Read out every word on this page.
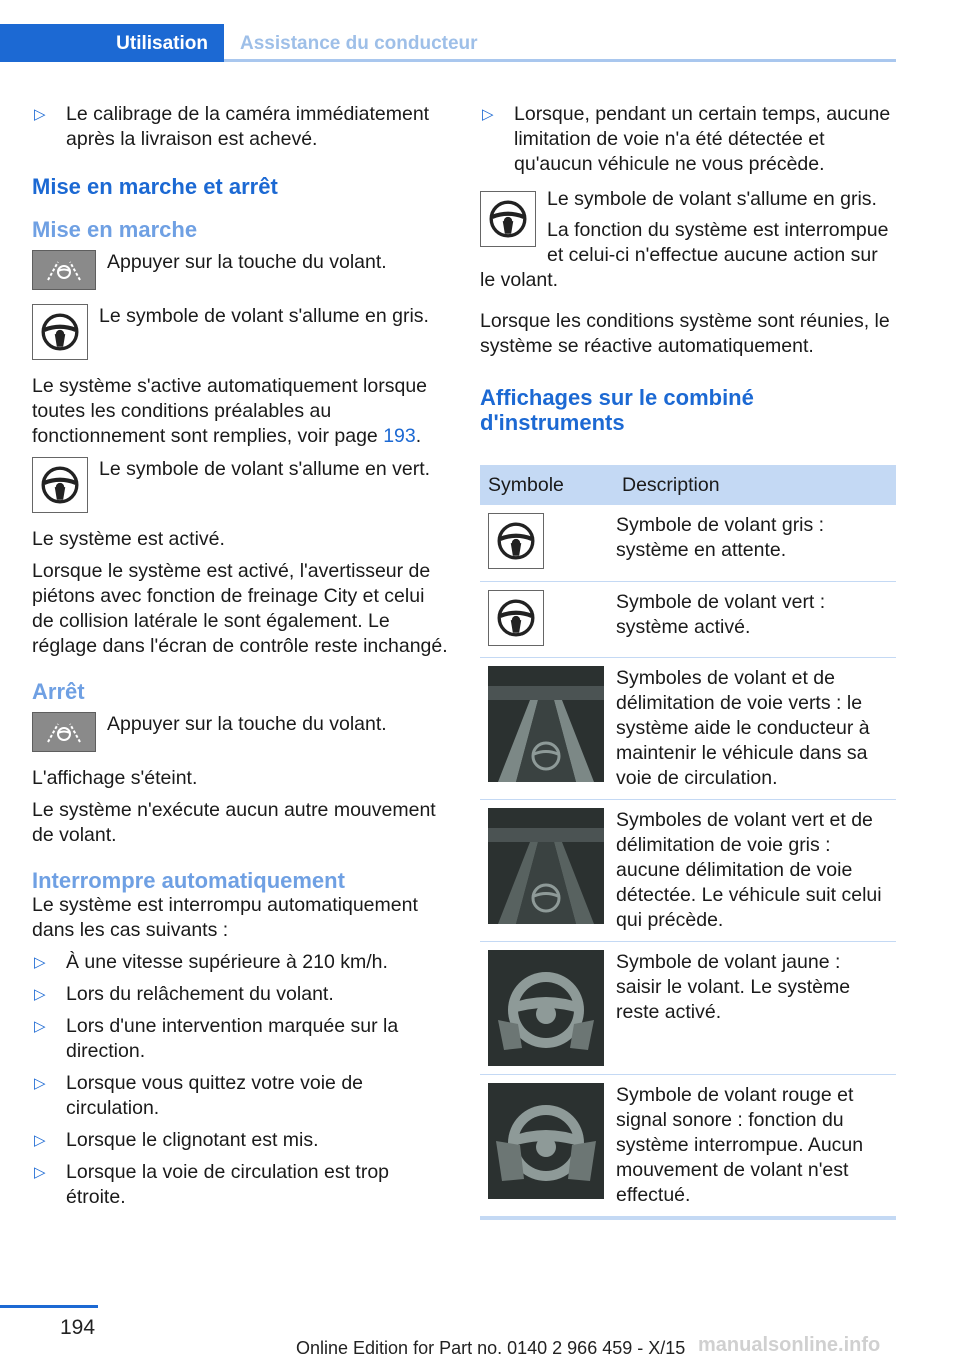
Utilisation	Assistance du conducteur
▷ Le calibrage de la caméra immédiatement après la livraison est achevé.
Mise en marche et arrêt
Mise en marche
Appuyer sur la touche du volant.
Le symbole de volant s'allume en gris.

Le système s'active automatiquement lorsque toutes les conditions préalables au fonctionnement sont remplies, voir page 193.

Le symbole de volant s'allume en vert.

Le système est activé.

Lorsque le système est activé, l'avertisseur de piétons avec fonction de freinage City et celui de collision latérale le sont également. Le réglage dans l'écran de contrôle reste inchangé.

Arrêt
Appuyer sur la touche du volant.

L'affichage s'éteint.

Le système n'exécute aucun autre mouvement de volant.

Interrompre automatiquement

Le système est interrompu automatiquement dans les cas suivants :

▷ À une vitesse supérieure à 210 km/h.
▷ Lors du relâchement du volant.
▷ Lors d'une intervention marquée sur la direction.
▷ Lorsque vous quittez votre voie de circulation.
▷ Lorsque le clignotant est mis.
▷ Lorsque la voie de circulation est trop étroite.
▷ Lorsque, pendant un certain temps, aucune limitation de voie n'a été détectée et qu'aucun véhicule ne vous précède.

Le symbole de volant s'allume en gris.

La fonction du système est interrompue et celui-ci n'effectue aucune action sur le volant.

Lorsque les conditions système sont réunies, le système se réactive automatiquement.

Affichages sur le combiné d'instruments
Symbole	Description

	Symbole de volant gris : système en attente.

	Symbole de volant vert : système activé.

	Symboles de volant et de délimitation de voie verts : le système aide le conducteur à maintenir le véhicule dans sa voie de circulation.

	Symboles de volant vert et de délimitation de voie gris : aucune délimitation de voie détectée. Le véhicule suit celui qui précède.

	Symbole de volant jaune : saisir le volant. Le système reste activé.

	Symbole de volant rouge et signal sonore : fonction du système interrompue. Aucun mouvement de volant n'est effectué.
194
Online Edition for Part no. 0140 2 966 459 - X/15 manualsonline.info
